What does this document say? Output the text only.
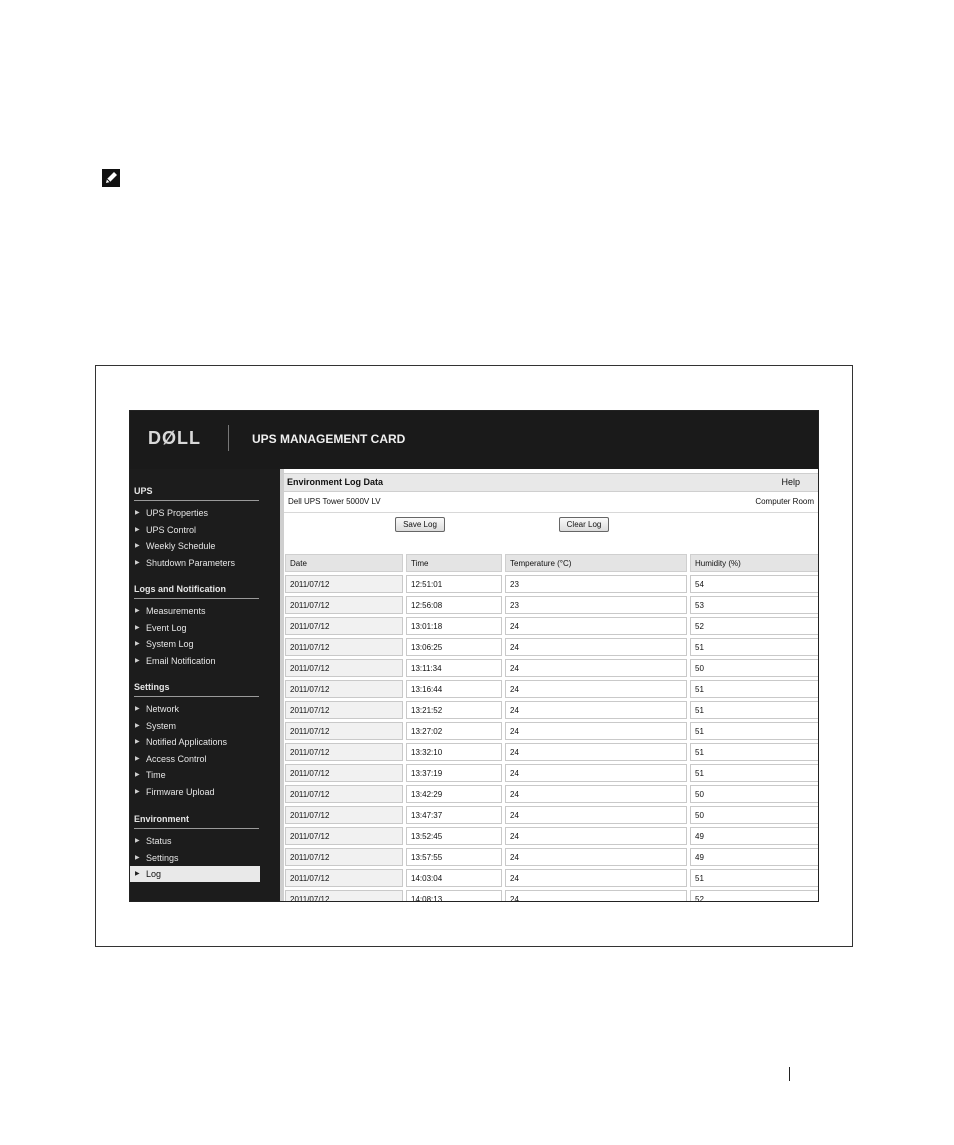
DØLL	UPS MANAGEMENT CARD
UPS
▶ UPS Properties
▶ UPS Control
▶ Weekly Schedule
▶ Shutdown Parameters
Logs and Notification
▶ Measurements
▶ Event Log
▶ System Log
▶ Email Notification
Settings
▶ Network
▶ System
▶ Notified Applications
▶ Access Control
▶ Time
▶ Firmware Upload
Environment
▶ Status
▶ Settings
▶ Log
Environment Log Data	Help
Dell UPS Tower 5000V LV	Computer Room
Save Log	Clear Log
Date	Time	Temperature (°C)	Humidity (%)
2011/07/12	12:51:01	23	54
2011/07/12	12:56:08	23	53
2011/07/12	13:01:18	24	52
2011/07/12	13:06:25	24	51
2011/07/12	13:11:34	24	50
2011/07/12	13:16:44	24	51
2011/07/12	13:21:52	24	51
2011/07/12	13:27:02	24	51
2011/07/12	13:32:10	24	51
2011/07/12	13:37:19	24	51
2011/07/12	13:42:29	24	50
2011/07/12	13:47:37	24	50
2011/07/12	13:52:45	24	49
2011/07/12	13:57:55	24	49
2011/07/12	14:03:04	24	51
2011/07/12	14:08:13	24	52
